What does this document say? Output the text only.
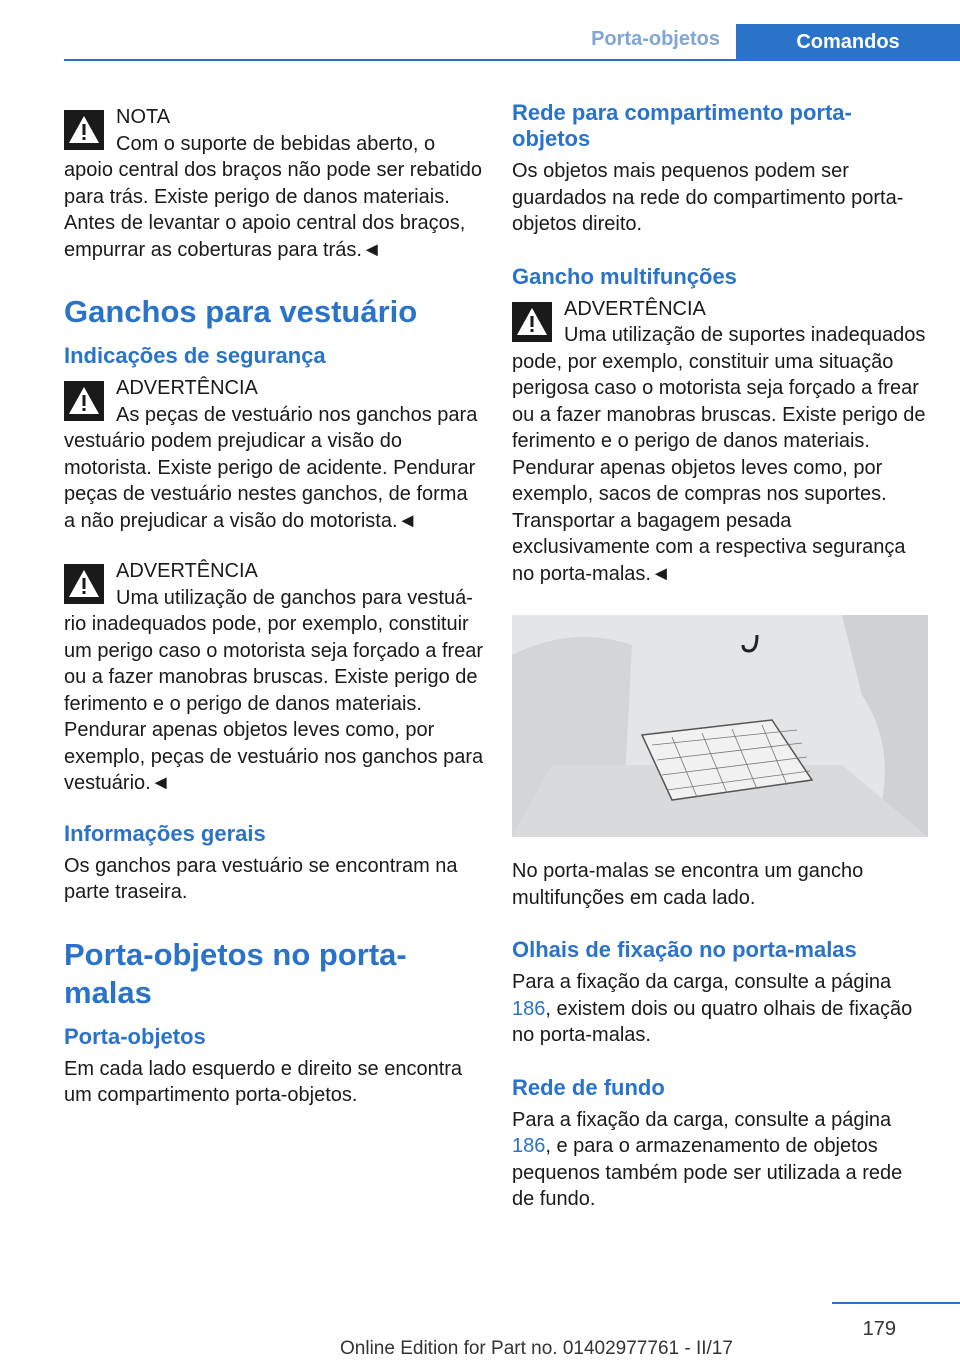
Porta-objetos	Comandos
NOTA

Com o suporte de bebidas aberto, o

apoio central dos braços não pode ser rebatido para trás. Existe perigo de danos materiais. Antes de levantar o apoio central dos braços, empurrar as coberturas para trás.◄

Ganchos para vestuário
Indicações de segurança
ADVERTÊNCIA

As peças de vestuário nos ganchos para

vestuário podem prejudicar a visão do motorista. Existe perigo de acidente. Pendurar peças de vestuário nestes ganchos, de forma a não prejudicar a visão do motorista.◄

ADVERTÊNCIA

Uma utilização de ganchos para vestuá-

rio inadequados pode, por exemplo, constituir um perigo caso o motorista seja forçado a frear ou a fazer manobras bruscas. Existe perigo de ferimento e o perigo de danos materiais. Pendurar apenas objetos leves como, por exemplo, peças de vestuário nos ganchos para vestuário.◄

Informações gerais

Os ganchos para vestuário se encontram na parte traseira.

Porta-objetos no porta-malas
Porta-objetos

Em cada lado esquerdo e direito se encontra um compartimento porta-objetos.

Rede para compartimento porta-objetos

Os objetos mais pequenos podem ser guardados na rede do compartimento porta-objetos direito.

Gancho multifunções
ADVERTÊNCIA

Uma utilização de suportes inadequados

pode, por exemplo, constituir uma situação perigosa caso o motorista seja forçado a frear ou a fazer manobras bruscas. Existe perigo de ferimento e o perigo de danos materiais. Pendurar apenas objetos leves como, por exemplo, sacos de compras nos suportes. Transportar a bagagem pesada exclusivamente com a respectiva segurança no porta-malas.◄

No porta-malas se encontra um gancho multifunções em cada lado.

Olhais de fixação no porta-malas

Para a fixação da carga, consulte a página 186, existem dois ou quatro olhais de fixação no porta-malas.

Rede de fundo

Para a fixação da carga, consulte a página 186, e para o armazenamento de objetos pequenos também pode ser utilizada a rede de fundo.

179
Online Edition for Part no. 01402977761 - II/17
